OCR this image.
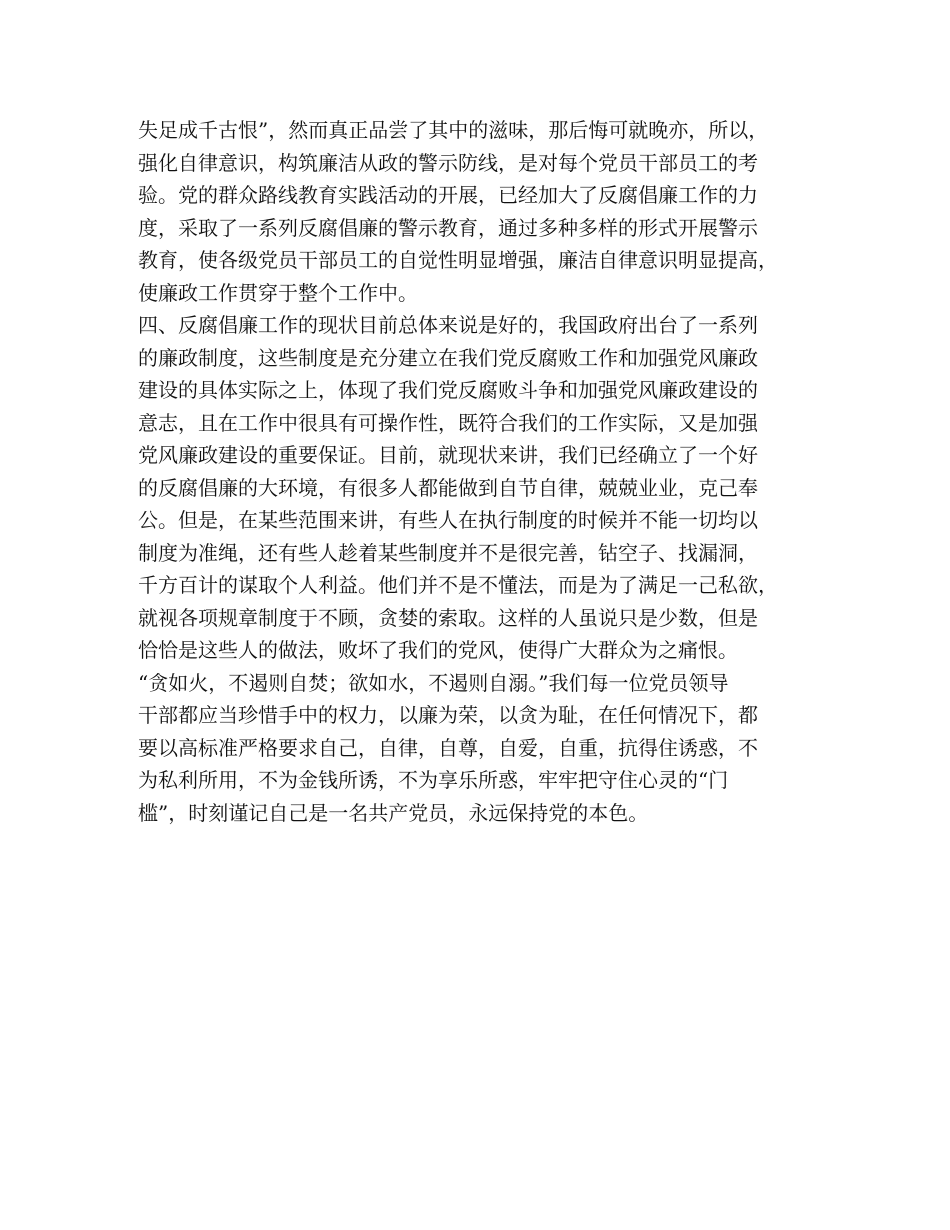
失足成千古恨”，然而真正品尝了其中的滋味，那后悔可就晚亦，所以，
强化自律意识，构筑廉洁从政的警示防线，是对每个党员干部员工的考
验。党的群众路线教育实践活动的开展，已经加大了反腐倡廉工作的力
度，采取了一系列反腐倡廉的警示教育，通过多种多样的形式开展警示
教育，使各级党员干部员工的自觉性明显增强，廉洁自律意识明显提高，
使廉政工作贯穿于整个工作中。
四、反腐倡廉工作的现状目前总体来说是好的，我国政府出台了一系列
的廉政制度，这些制度是充分建立在我们党反腐败工作和加强党风廉政
建设的具体实际之上，体现了我们党反腐败斗争和加强党风廉政建设的
意志，且在工作中很具有可操作性，既符合我们的工作实际，又是加强
党风廉政建设的重要保证。目前，就现状来讲，我们已经确立了一个好
的反腐倡廉的大环境，有很多人都能做到自节自律，兢兢业业，克己奉
公。但是，在某些范围来讲，有些人在执行制度的时候并不能一切均以
制度为准绳，还有些人趁着某些制度并不是很完善，钻空子、找漏洞，
千方百计的谋取个人利益。他们并不是不懂法，而是为了满足一己私欲，
就视各项规章制度于不顾，贪婪的索取。这样的人虽说只是少数，但是
恰恰是这些人的做法，败坏了我们的党风，使得广大群众为之痛恨。
“贪如火，不遏则自焚；欲如水，不遏则自溺。”我们每一位党员领导
干部都应当珍惜手中的权力，以廉为荣，以贪为耻，在任何情况下，都
要以高标准严格要求自己，自律，自尊，自爱，自重，抗得住诱惑，不
为私利所用，不为金钱所诱，不为享乐所惑，牢牢把守住心灵的“门
槛”，时刻谨记自己是一名共产党员，永远保持党的本色。
